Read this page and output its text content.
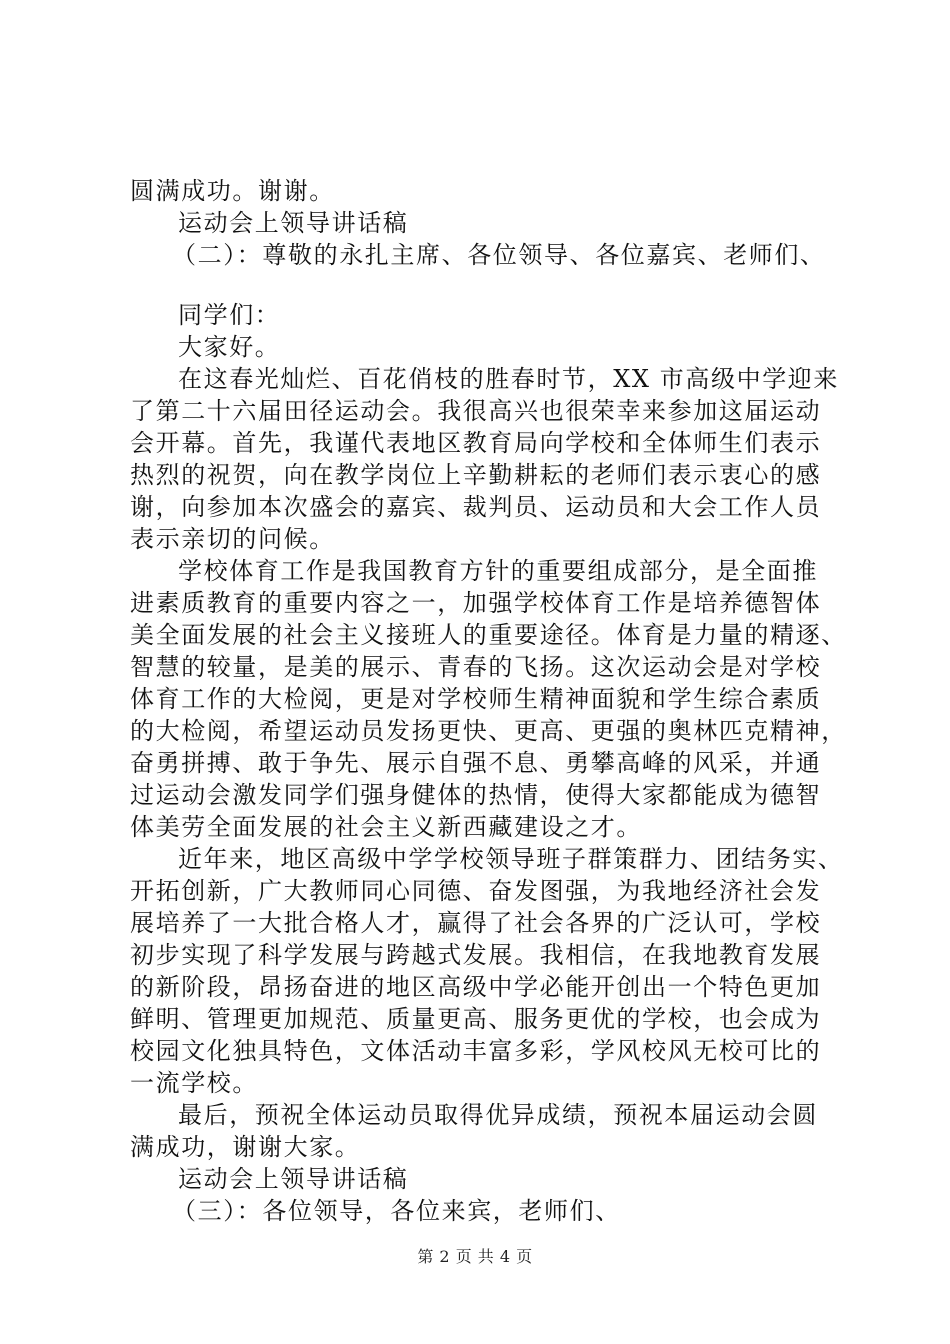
圆满成功。谢谢。
运动会上领导讲话稿
（二）：尊敬的永扎主席、各位领导、各位嘉宾、老师们、
同学们：
大家好。
在这春光灿烂、百花俏枝的胜春时节，XX 市高级中学迎来
了第二十六届田径运动会。我很高兴也很荣幸来参加这届运动
会开幕。首先，我谨代表地区教育局向学校和全体师生们表示
热烈的祝贺，向在教学岗位上辛勤耕耘的老师们表示衷心的感
谢，向参加本次盛会的嘉宾、裁判员、运动员和大会工作人员
表示亲切的问候。
学校体育工作是我国教育方针的重要组成部分，是全面推
进素质教育的重要内容之一，加强学校体育工作是培养德智体
美全面发展的社会主义接班人的重要途径。体育是力量的精逐、
智慧的较量，是美的展示、青春的飞扬。这次运动会是对学校
体育工作的大检阅，更是对学校师生精神面貌和学生综合素质
的大检阅，希望运动员发扬更快、更高、更强的奥林匹克精神，
奋勇拼搏、敢于争先、展示自强不息、勇攀高峰的风采，并通
过运动会激发同学们强身健体的热情，使得大家都能成为德智
体美劳全面发展的社会主义新西藏建设之才。
近年来，地区高级中学学校领导班子群策群力、团结务实、
开拓创新，广大教师同心同德、奋发图强，为我地经济社会发
展培养了一大批合格人才，赢得了社会各界的广泛认可，学校
初步实现了科学发展与跨越式发展。我相信，在我地教育发展
的新阶段，昂扬奋进的地区高级中学必能开创出一个特色更加
鲜明、管理更加规范、质量更高、服务更优的学校，也会成为
校园文化独具特色，文体活动丰富多彩，学风校风无校可比的
一流学校。
最后，预祝全体运动员取得优异成绩，预祝本届运动会圆
满成功，谢谢大家。
运动会上领导讲话稿
（三）：各位领导，各位来宾，老师们、
第 2 页 共 4 页
